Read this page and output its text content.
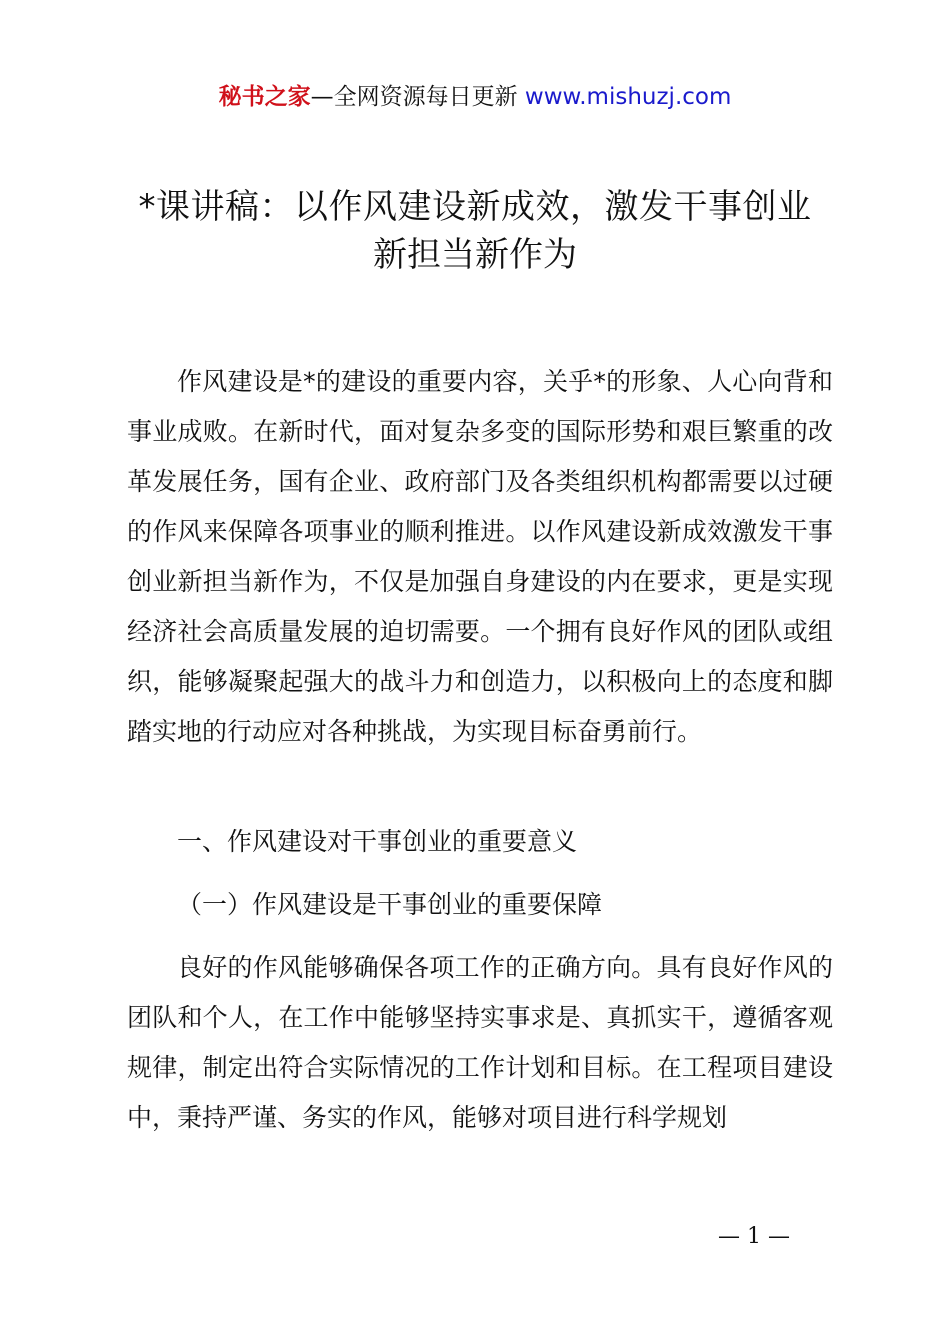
秘书之家—全网资源每日更新 www.mishuzj.com
*课讲稿：以作风建设新成效，激发干事创业
新担当新作为

作风建设是*的建设的重要内容，关乎*的形象、人心向背和事业成败。在新时代，面对复杂多变的国际形势和艰巨繁重的改革发展任务，国有企业、政府部门及各类组织机构都需要以过硬的作风来保障各项事业的顺利推进。以作风建设新成效激发干事创业新担当新作为，不仅是加强自身建设的内在要求，更是实现经济社会高质量发展的迫切需要。一个拥有良好作风的团队或组织，能够凝聚起强大的战斗力和创造力，以积极向上的态度和脚踏实地的行动应对各种挑战，为实现目标奋勇前行。

一、作风建设对干事创业的重要意义

（一）作风建设是干事创业的重要保障

良好的作风能够确保各项工作的正确方向。具有良好作风的团队和个人，在工作中能够坚持实事求是、真抓实干，遵循客观规律，制定出符合实际情况的工作计划和目标。在工程项目建设中，秉持严谨、务实的作风，能够对项目进行科学规划

— 1 —
